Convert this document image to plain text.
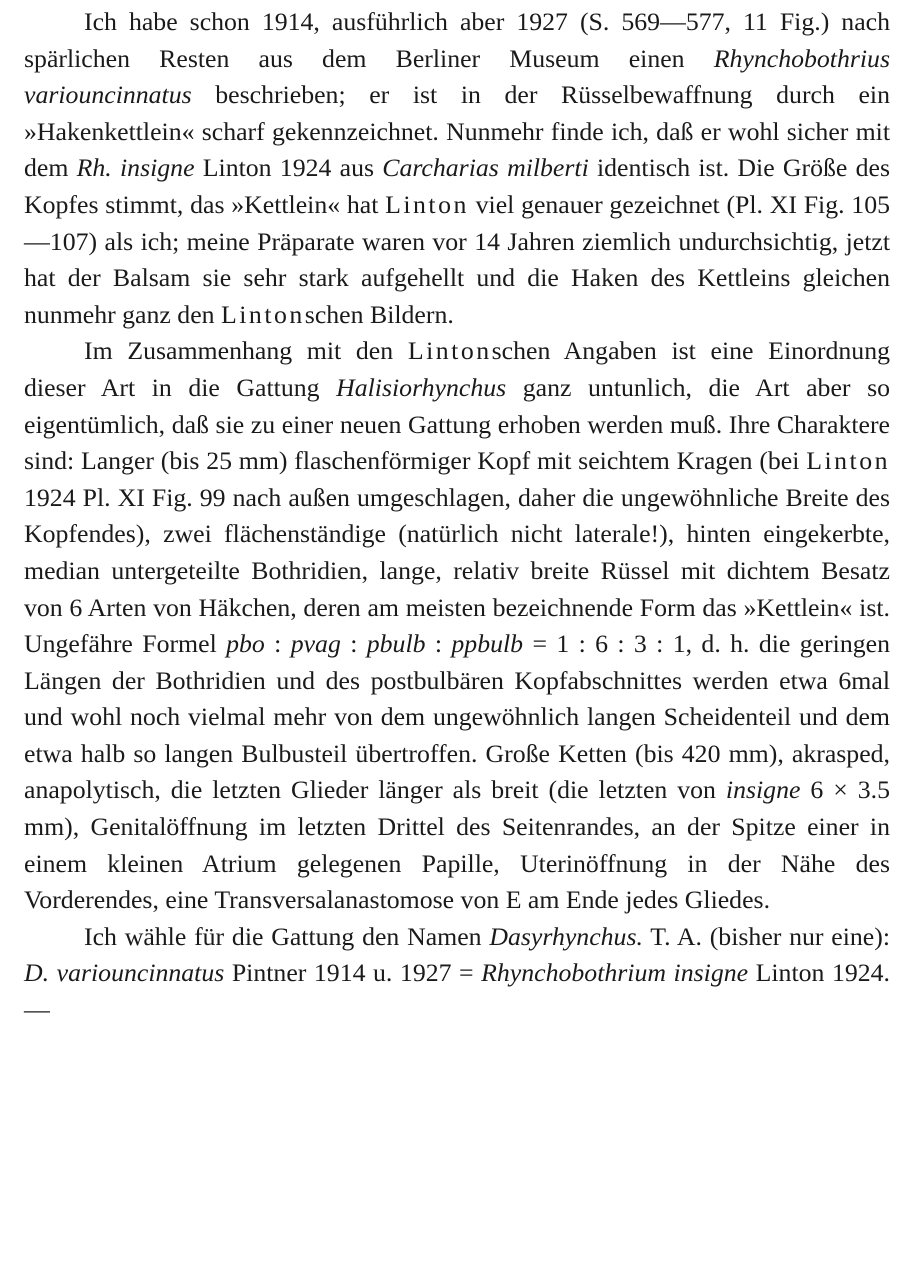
Ich habe schon 1914, ausführlich aber 1927 (S. 569—577, 11 Fig.) nach spärlichen Resten aus dem Berliner Museum einen Rhynchobothrius variouncinnatus beschrieben; er ist in der Rüsselbewaffnung durch ein »Hakenkettlein« scharf gekennzeichnet. Nunmehr finde ich, daß er wohl sicher mit dem Rh. insigne Linton 1924 aus Carcharias milberti identisch ist. Die Größe des Kopfes stimmt, das »Kettlein« hat Linton viel genauer gezeichnet (Pl. XI Fig. 105—107) als ich; meine Präparate waren vor 14 Jahren ziemlich undurchsichtig, jetzt hat der Balsam sie sehr stark aufgehellt und die Haken des Kettleins gleichen nunmehr ganz den Lintonschen Bildern.

Im Zusammenhang mit den Lintonschen Angaben ist eine Einordnung dieser Art in die Gattung Halisiorhynchus ganz untunlich, die Art aber so eigentümlich, daß sie zu einer neuen Gattung erhoben werden muß. Ihre Charaktere sind: Langer (bis 25 mm) flaschenförmiger Kopf mit seichtem Kragen (bei Linton 1924 Pl. XI Fig. 99 nach außen umgeschlagen, daher die ungewöhnliche Breite des Kopfendes), zwei flächenständige (natürlich nicht laterale!), hinten eingekerbte, median untergeteilte Bothridien, lange, relativ breite Rüssel mit dichtem Besatz von 6 Arten von Häkchen, deren am meisten bezeichnende Form das »Kettlein« ist. Ungefähre Formel pbo : pvag : pbulb : ppbulb = 1 : 6 : 3 : 1, d. h. die geringen Längen der Bothridien und des postbulbären Kopfabschnittes werden etwa 6mal und wohl noch vielmal mehr von dem ungewöhnlich langen Scheidenteil und dem etwa halb so langen Bulbusteil übertroffen. Große Ketten (bis 420 mm), akrasped, anapolytisch, die letzten Glieder länger als breit (die letzten von insigne 6 × 3.5 mm), Genitalöffnung im letzten Drittel des Seitenrandes, an der Spitze einer in einem kleinen Atrium gelegenen Papille, Uterinöffnung in der Nähe des Vorderendes, eine Transversalanastomose von E am Ende jedes Gliedes.

Ich wähle für die Gattung den Namen Dasyrhynchus. T. A. (bisher nur eine): D. variouncinnatus Pintner 1914 u. 1927 = Rhynchobothrium insigne Linton 1924. —
